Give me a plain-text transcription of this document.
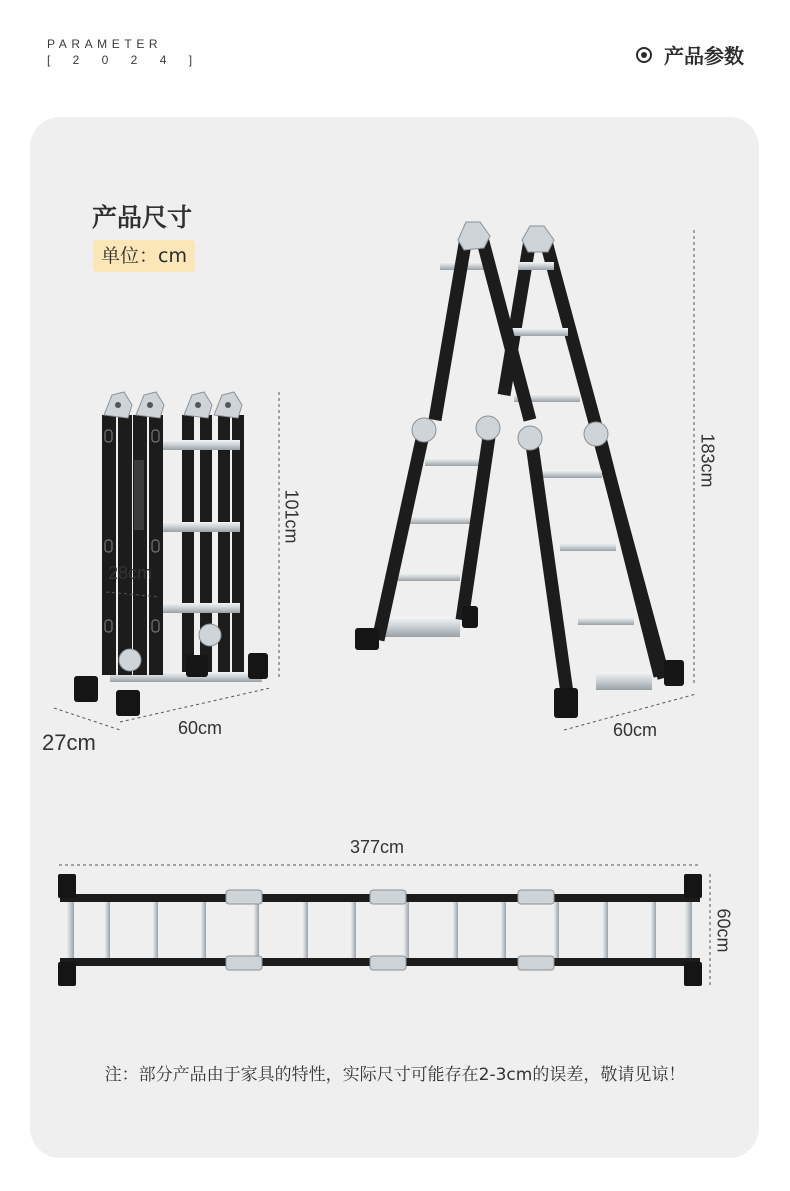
PARAMETER
[ 2 0 2 4 ]	产品参数
产品尺寸
单位：cm
101cm
28cm
60cm
27cm
183cm
60cm
377cm
60cm
注：部分产品由于家具的特性，实际尺寸可能存在2-3cm的误差，敬请见谅！
